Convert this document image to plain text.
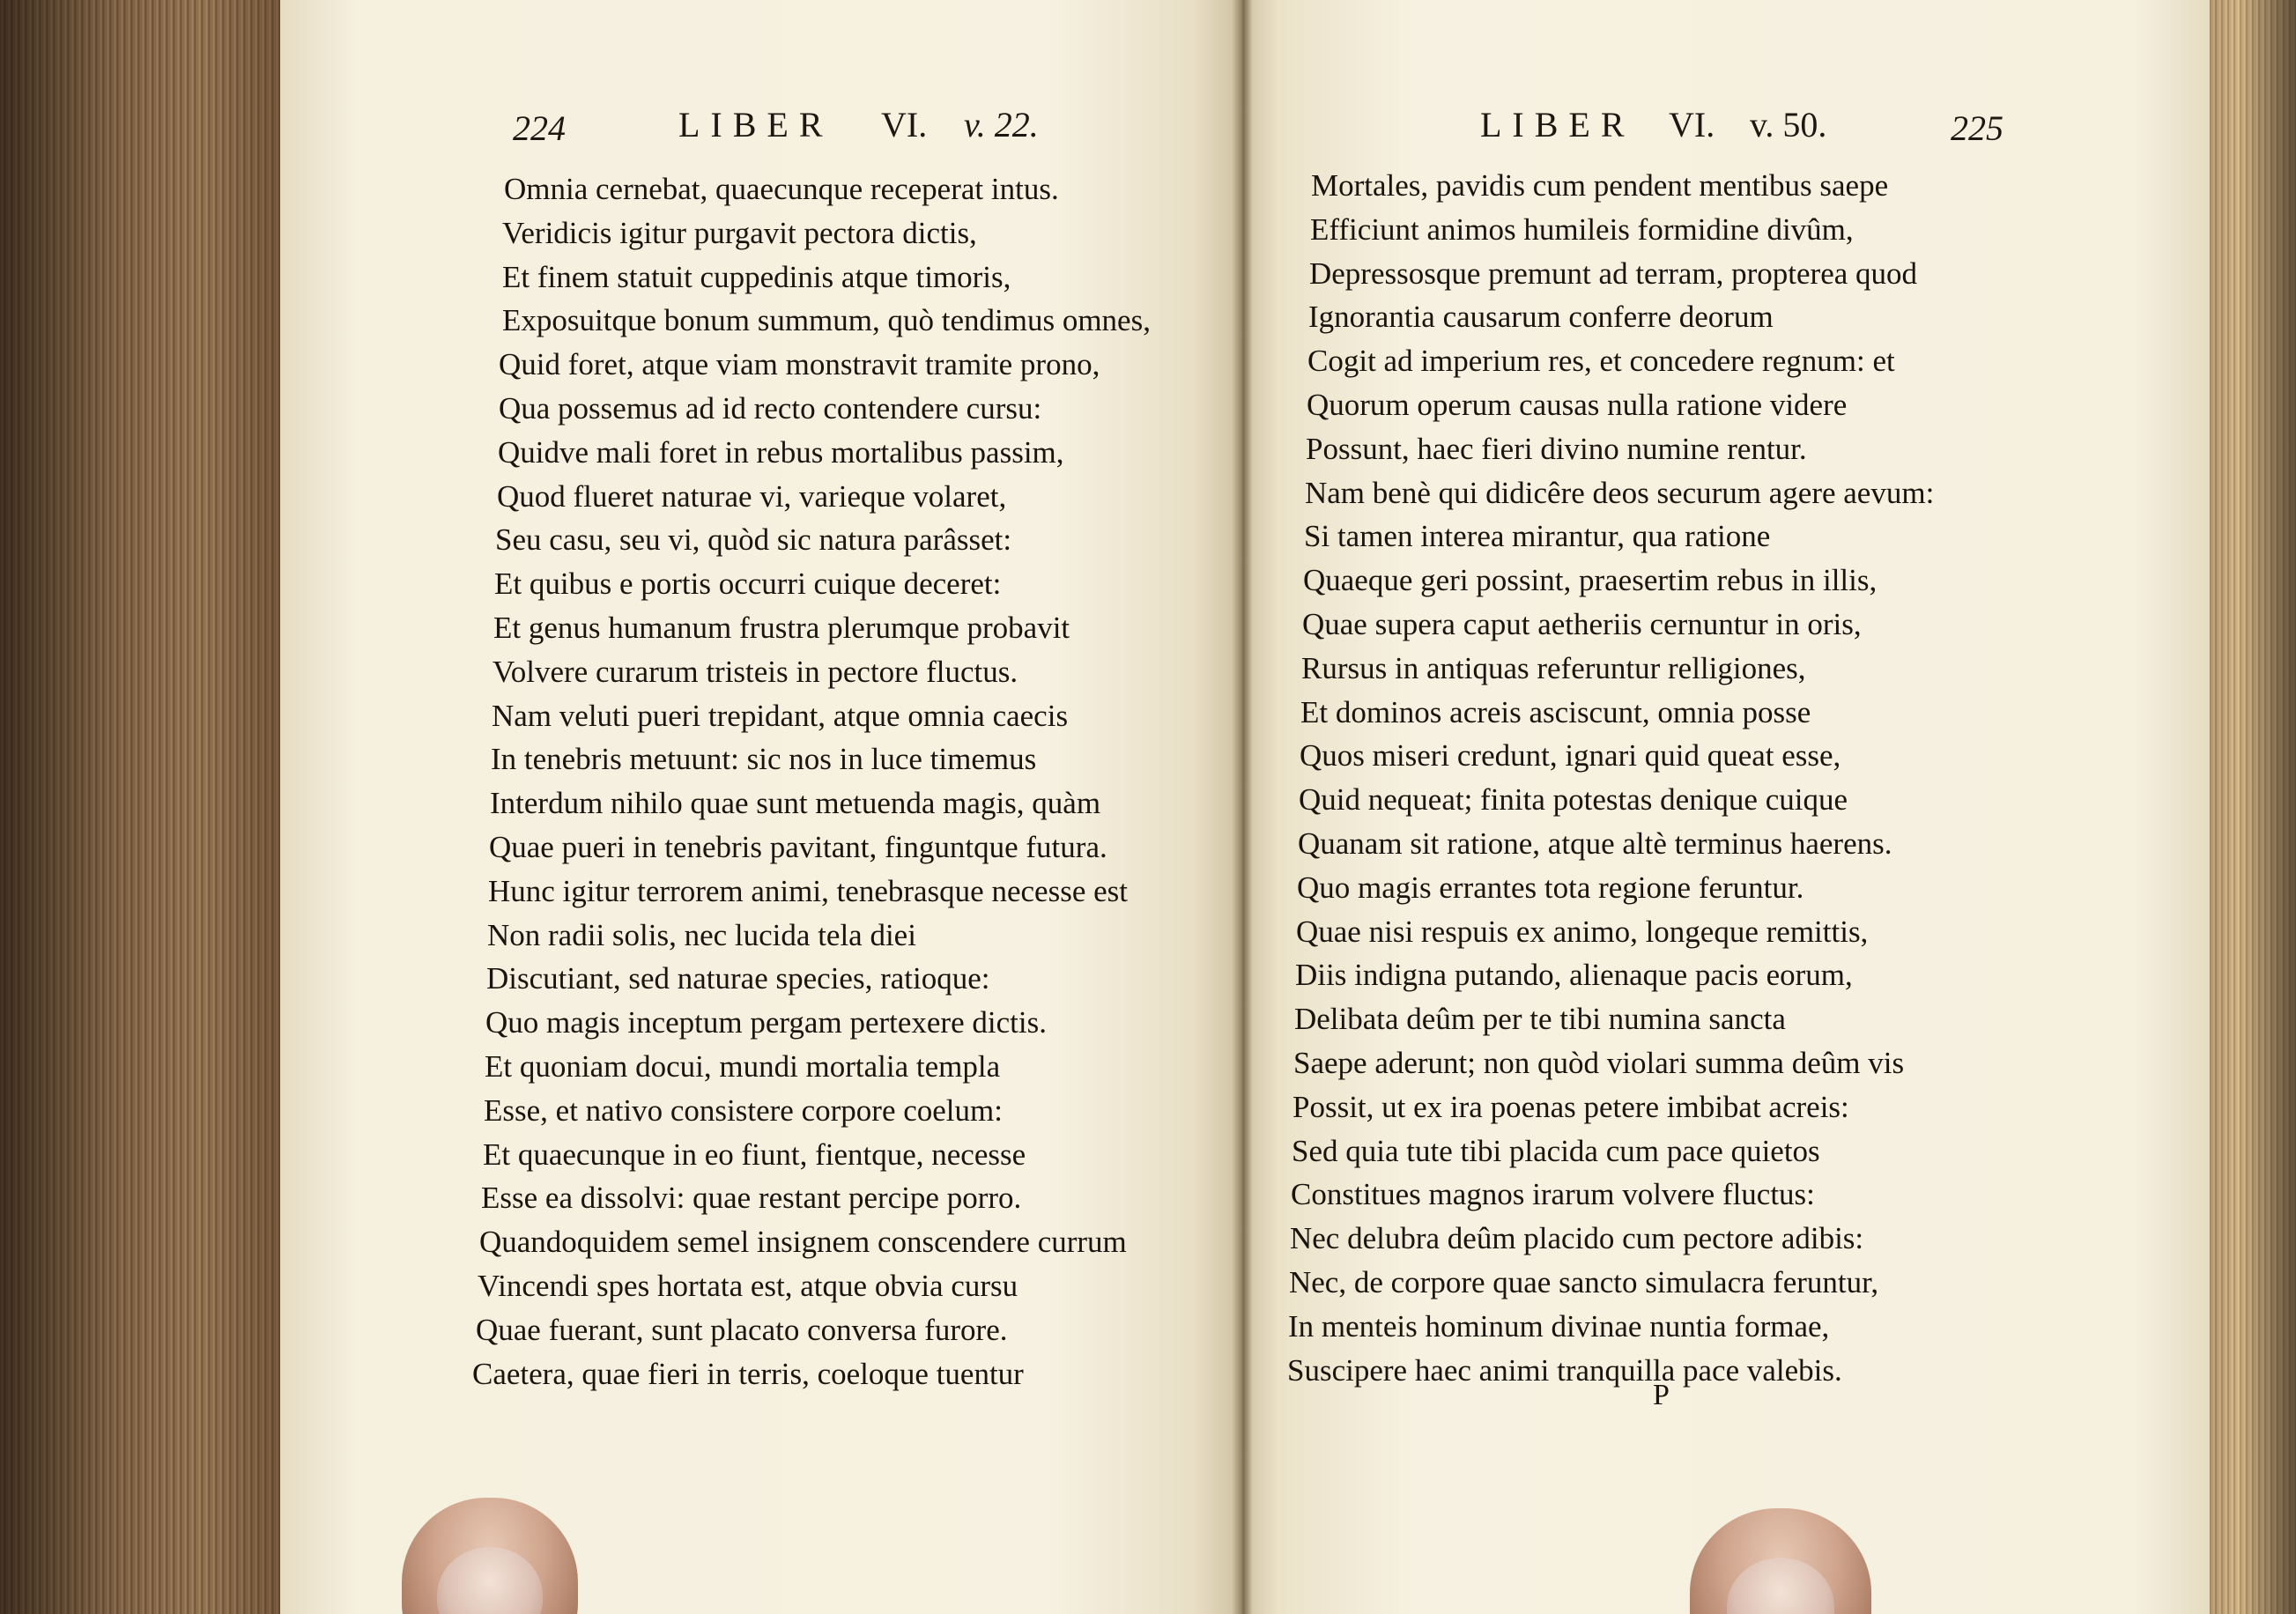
224	LIBER VI. v. 22.	LIBER VI. v. 50.	225
Omnia cernebat, quaecunque receperat intus.
Veridicis igitur purgavit pectora dictis,
Et finem statuit cuppedinis atque timoris,
Exposuitque bonum summum, quò tendimus omnes,
Quid foret, atque viam monstravit tramite prono,
Qua possemus ad id recto contendere cursu:
Quidve mali foret in rebus mortalibus passim,
Quod flueret naturae vi, varieque volaret,
Seu casu, seu vi, quòd sic natura parâsset:
Et quibus e portis occurri cuique deceret:
Et genus humanum frustra plerumque probavit
Volvere curarum tristeis in pectore fluctus.
Nam veluti pueri trepidant, atque omnia caecis
In tenebris metuunt: sic nos in luce timemus
Interdum nihilo quae sunt metuenda magis, quàm
Quae pueri in tenebris pavitant, finguntque futura.
Hunc igitur terrorem animi, tenebrasque necesse est
Non radii solis, nec lucida tela diei
Discutiant, sed naturae species, ratioque:
Quo magis inceptum pergam pertexere dictis.
Et quoniam docui, mundi mortalia templa
Esse, et nativo consistere corpore coelum:
Et quaecunque in eo fiunt, fientque, necesse
Esse ea dissolvi: quae restant percipe porro.
Quandoquidem semel insignem conscendere currum
Vincendi spes hortata est, atque obvia cursu
Quae fuerant, sunt placato conversa furore.
Caetera, quae fieri in terris, coeloque tuentur
Mortales, pavidis cum pendent mentibus saepe
Efficiunt animos humileis formidine divûm,
Depressosque premunt ad terram, propterea quod
Ignorantia causarum conferre deorum
Cogit ad imperium res, et concedere regnum: et
Quorum operum causas nulla ratione videre
Possunt, haec fieri divino numine rentur.
Nam benè qui didicêre deos securum agere aevum:
Si tamen interea mirantur, qua ratione
Quaeque geri possint, praesertim rebus in illis,
Quae supera caput aetheriis cernuntur in oris,
Rursus in antiquas referuntur relligiones,
Et dominos acreis asciscunt, omnia posse
Quos miseri credunt, ignari quid queat esse,
Quid nequeat; finita potestas denique cuique
Quanam sit ratione, atque altè terminus haerens.
Quo magis errantes tota regione feruntur.
Quae nisi respuis ex animo, longeque remittis,
Diis indigna putando, alienaque pacis eorum,
Delibata deûm per te tibi numina sancta
Saepe aderunt; non quòd violari summa deûm vis
Possit, ut ex ira poenas petere imbibat acreis:
Sed quia tute tibi placida cum pace quietos
Constitues magnos irarum volvere fluctus:
Nec delubra deûm placido cum pectore adibis:
Nec, de corpore quae sancto simulacra feruntur,
In menteis hominum divinae nuntia formae,
Suscipere haec animi tranquilla pace valebis.
P
